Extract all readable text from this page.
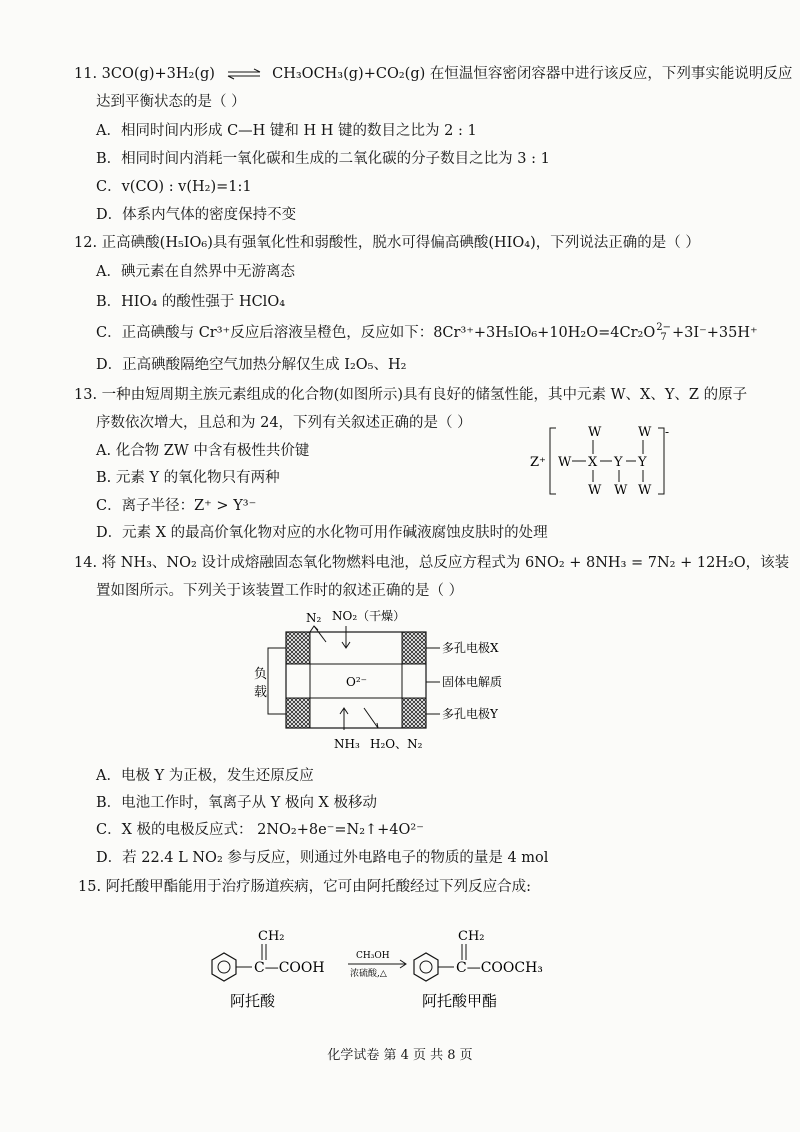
11. 3CO(g)+3H₂(g) ⇌ CH₃OCH₃(g)+CO₂(g) 在恒温恒容密闭容器中进行该反应，下列事实能说明反应
达到平衡状态的是（ ）
A．相同时间内形成 C—H 键和 H H 键的数目之比为 2 : 1
B．相同时间内消耗一氧化碳和生成的二氧化碳的分子数目之比为 3 : 1
C．v(CO) : v(H₂)=1:1
D．体系内气体的密度保持不变
12. 正高碘酸(H₅IO₆)具有强氧化性和弱酸性，脱水可得偏高碘酸(HIO₄)，下列说法正确的是（ ）
A．碘元素在自然界中无游离态
B．HIO₄ 的酸性强于 HClO₄
C．正高碘酸与 Cr³⁺反应后溶液呈橙色，反应如下：8Cr³⁺+3H₅IO₆+10H₂O=4Cr₂O 2−
7 +3I⁻+35H⁺
D．正高碘酸隔绝空气加热分解仅生成 I₂O₅、H₂
13. 一种由短周期主族元素组成的化合物(如图所示)具有良好的储氢性能，其中元素 W、X、Y、Z 的原子
序数依次增大，且总和为 24，下列有关叙述正确的是（ ）
A. 化合物 ZW 中含有极性共价键
B. 元素 Y 的氧化物只有两种
C．离子半径：Z⁺ > Y³⁻
D．元素 X 的最高价氧化物对应的水化物可用作碱液腐蚀皮肤时的处理
Z⁺
-
W	W
W X Y Y
W W W
14. 将 NH₃、NO₂ 设计成熔融固态氧化物燃料电池，总反应方程式为 6NO₂ + 8NH₃ = 7N₂ + 12H₂O，该装
置如图所示。下列关于该装置工作时的叙述正确的是（ ）
N₂ NO₂（干燥）
O²⁻
负
载
多孔电极X
固体电解质
多孔电极Y
NH₃ H₂O、N₂
A．电极 Y 为正极，发生还原反应
B．电池工作时，氧离子从 Y 极向 X 极移动
C．X 极的电极反应式： 2NO₂+8e⁻=N₂↑+4O²⁻
D．若 22.4 L NO₂ 参与反应，则通过外电路电子的物质的量是 4 mol
15. 阿托酸甲酯能用于治疗肠道疾病，它可由阿托酸经过下列反应合成:
CH₂
C—COOH
CH₃OH
浓硫酸,△
CH₂
C—COOCH₃
阿托酸	阿托酸甲酯
化学试卷 第 4 页 共 8 页
